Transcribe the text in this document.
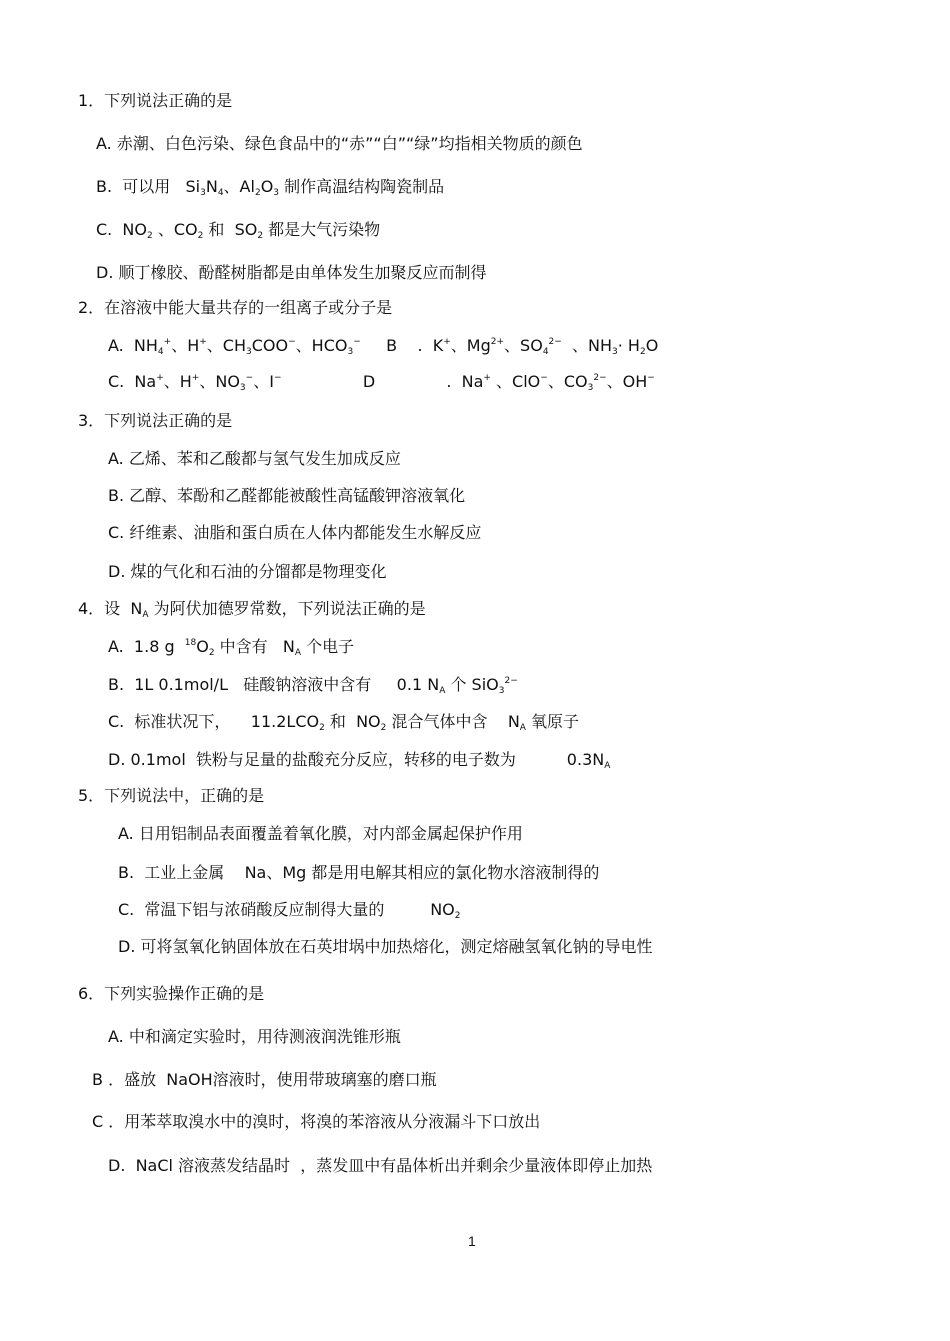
1．下列说法正确的是
A. 赤潮、白色污染、绿色食品中的“赤”“白”“绿”均指相关物质的颜色
B.  可以用   $Si_3N_4$、$Al_2O_3$ 制作高温结构陶瓷制品
C.  $NO_2$ 、$CO_2$ 和  $SO_2$ 都是大气污染物
D. 顺丁橡胶、酚醛树脂都是由单体发生加聚反应而制得
2．在溶液中能大量共存的一组离子或分子是
A.  $NH_4^+$、H+、$CH_3COO^-$、$HCO_3^-$     B    .  K+、$Mg^{2+}$、$SO_4^{2-}$  、$NH_3\cdot H_2O$
C.  Na+、H+、$NO_3^-$、I−                D              .  Na+ 、ClO−、$CO_3^{2-}$、OH−
3．下列说法正确的是
A. 乙烯、苯和乙酸都与氢气发生加成反应
B. 乙醇、苯酚和乙醛都能被酸性高锰酸钾溶液氧化
C. 纤维素、油脂和蛋白质在人体内都能发生水解反应
D. 煤的气化和石油的分馏都是物理变化
4．设  $N_A$ 为阿伏加德罗常数，下列说法正确的是
A.  1.8 g  $^{18}O_2$ 中含有   $N_A$ 个电子
B.  1L 0.1mol/L   硅酸钠溶液中含有     0.1 $N_A$ 个 SiO$_3^{2-}$
C.  标准状况下，    $11.2LCO_2$ 和  $NO_2$ 混合气体中含    $N_A$ 氧原子
D. 0.1mol  铁粉与足量的盐酸充分反应，转移的电子数为          $0.3N_A$
5．下列说法中，正确的是
A. 日用铝制品表面覆盖着氧化膜，对内部金属起保护作用
B.  工业上金属    Na、Mg 都是用电解其相应的氯化物水溶液制得的
C.  常温下铝与浓硝酸反应制得大量的         $NO_2$
D. 可将氢氧化钠固体放在石英坩埚中加热熔化，测定熔融氢氧化钠的导电性
6．下列实验操作正确的是
A. 中和滴定实验时，用待测液润洗锥形瓶
B ．盛放  NaOH溶液时，使用带玻璃塞的磨口瓶
C ．用苯萃取溴水中的溴时，将溴的苯溶液从分液漏斗下口放出
D.  NaCl 溶液蒸发结晶时  ，蒸发皿中有晶体析出并剩余少量液体即停止加热
1
